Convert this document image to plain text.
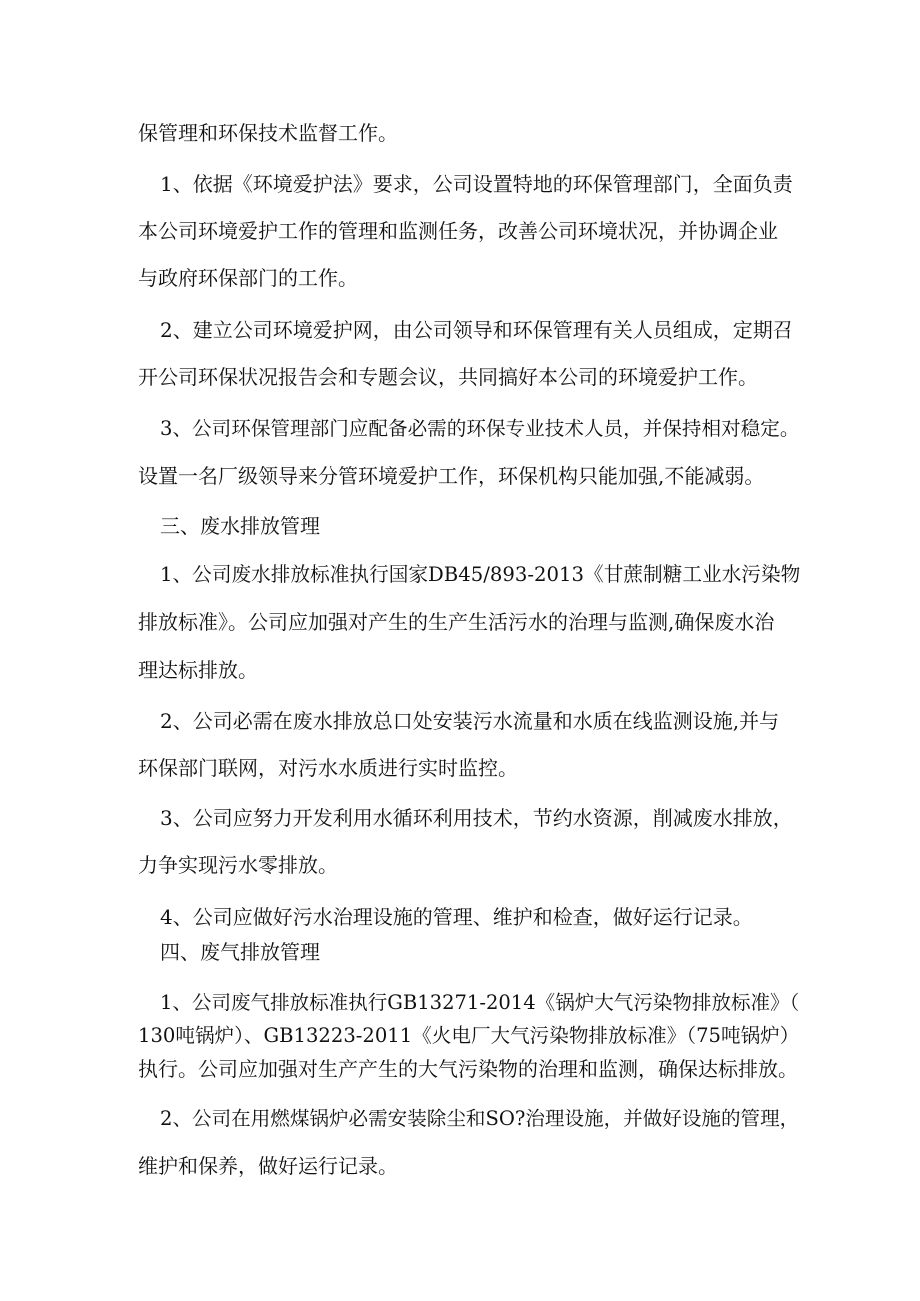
保管理和环保技术监督工作。
1、依据《环境爱护法》要求，公司设置特地的环保管理部门，全面负责
本公司环境爱护工作的管理和监测任务，改善公司环境状况，并协调企业
与政府环保部门的工作。
2、建立公司环境爱护网，由公司领导和环保管理有关人员组成，定期召
开公司环保状况报告会和专题会议，共同搞好本公司的环境爱护工作。
3、公司环保管理部门应配备必需的环保专业技术人员，并保持相对稳定。
设置一名厂级领导来分管环境爱护工作，环保机构只能加强,不能减弱。
三、废水排放管理
1、公司废水排放标准执行国家DB45/893-2013《甘蔗制糖工业水污染物
排放标准》。公司应加强对产生的生产生活污水的治理与监测,确保废水治
理达标排放。
2、公司必需在废水排放总口处安装污水流量和水质在线监测设施,并与
环保部门联网，对污水水质进行实时监控。
3、公司应努力开发利用水循环利用技术，节约水资源，削减废水排放，
力争实现污水零排放。
4、公司应做好污水治理设施的管理、维护和检查，做好运行记录。
四、废气排放管理
1、公司废气排放标准执行GB13271-2014《锅炉大气污染物排放标准》（
130吨锅炉）、GB13223-2011《火电厂大气污染物排放标准》（75吨锅炉）
执行。公司应加强对生产产生的大气污染物的治理和监测，确保达标排放。
2、公司在用燃煤锅炉必需安装除尘和SO?治理设施，并做好设施的管理，
维护和保养，做好运行记录。
